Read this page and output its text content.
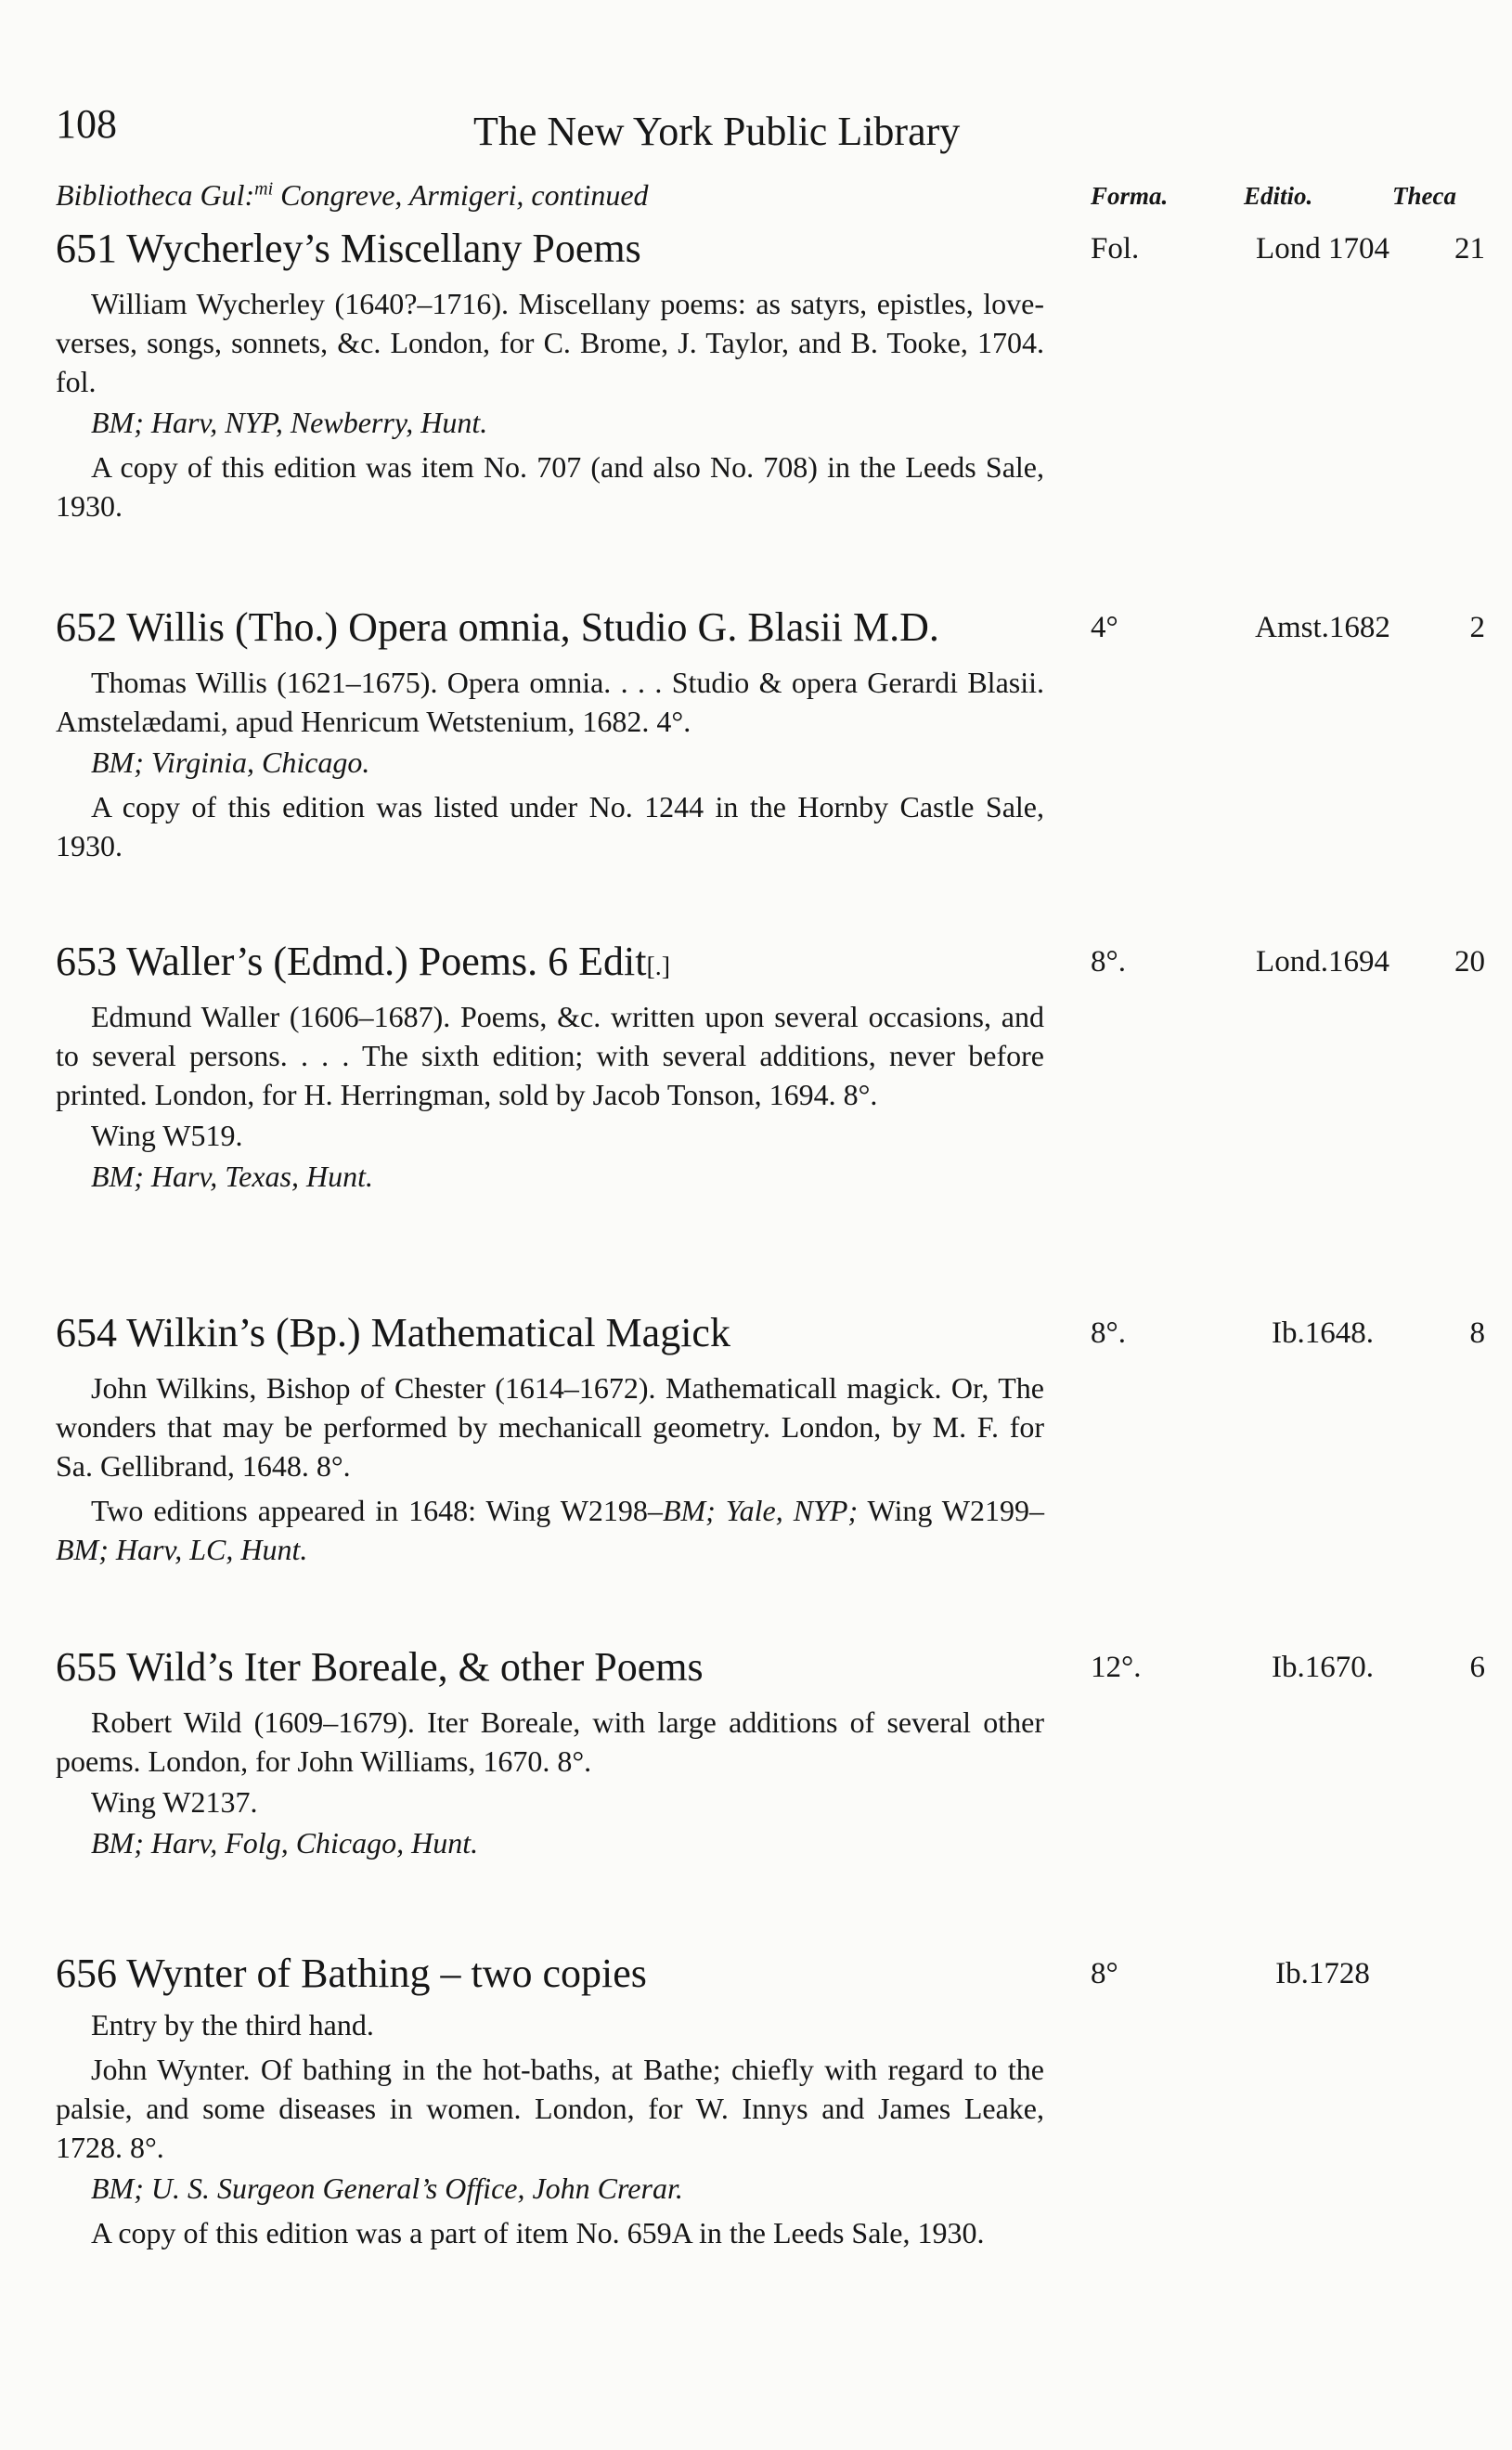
108	The New York Public Library
Bibliotheca Gul:$^{mi}$ Congreve, Armigeri, continued	Forma.	Editio.	Theca
651 Wycherley’s Miscellany Poems	Fol.	Lond 1704	21

William Wycherley (1640?–1716). Miscellany poems: as satyrs, epistles, love-verses, songs, sonnets, &c. London, for C. Brome, J. Taylor, and B. Tooke, 1704. fol.

BM; Harv, NYP, Newberry, Hunt.

A copy of this edition was item No. 707 (and also No. 708) in the Leeds Sale, 1930.

652 Willis (Tho.) Opera omnia, Studio G. Blasii M.D.	4°	Amst.1682	2

Thomas Willis (1621–1675). Opera omnia. . . . Studio & opera Gerardi Blasii. Amstelædami, apud Henricum Wetstenium, 1682. 4°.

BM; Virginia, Chicago.

A copy of this edition was listed under No. 1244 in the Hornby Castle Sale, 1930.

653 Waller’s (Edmd.) Poems. 6 Edit[.]	8°.	Lond.1694	20

Edmund Waller (1606–1687). Poems, &c. written upon several occasions, and to several persons. . . . The sixth edition; with several additions, never before printed. London, for H. Herringman, sold by Jacob Tonson, 1694. 8°.

Wing W519.

BM; Harv, Texas, Hunt.

654 Wilkin’s (Bp.) Mathematical Magick	8°.	Ib.1648.	8

John Wilkins, Bishop of Chester (1614–1672). Mathematicall magick. Or, The wonders that may be performed by mechanicall geometry. London, by M. F. for Sa. Gellibrand, 1648. 8°.

Two editions appeared in 1648: Wing W2198–BM; Yale, NYP; Wing W2199–BM; Harv, LC, Hunt.

655 Wild’s Iter Boreale, & other Poems	12°.	Ib.1670.	6

Robert Wild (1609–1679). Iter Boreale, with large additions of several other poems. London, for John Williams, 1670. 8°.

Wing W2137.

BM; Harv, Folg, Chicago, Hunt.

656 Wynter of Bathing – two copies	8°	Ib.1728

Entry by the third hand.

John Wynter. Of bathing in the hot-baths, at Bathe; chiefly with regard to the palsie, and some diseases in women. London, for W. Innys and James Leake, 1728. 8°.

BM; U. S. Surgeon General’s Office, John Crerar.

A copy of this edition was a part of item No. 659A in the Leeds Sale, 1930.
